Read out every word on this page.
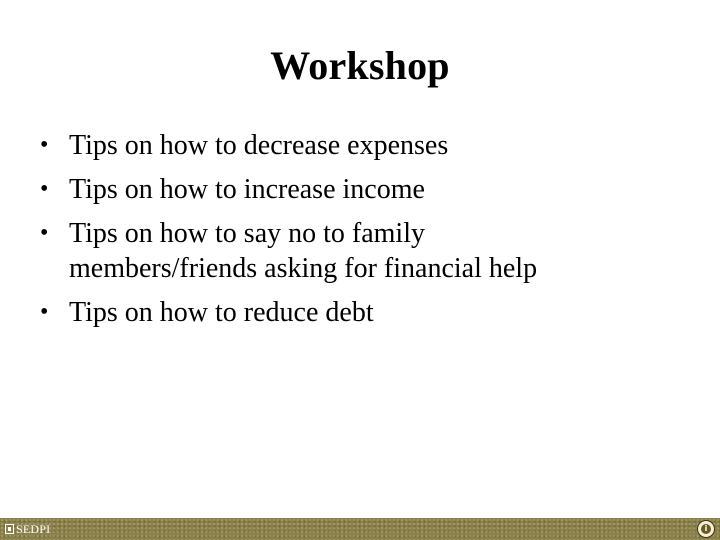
Workshop
• Tips on how to decrease expenses
• Tips on how to increase income
• Tips on how to say no to family
members/friends asking for financial help
• Tips on how to reduce debt
SEDPI	i
